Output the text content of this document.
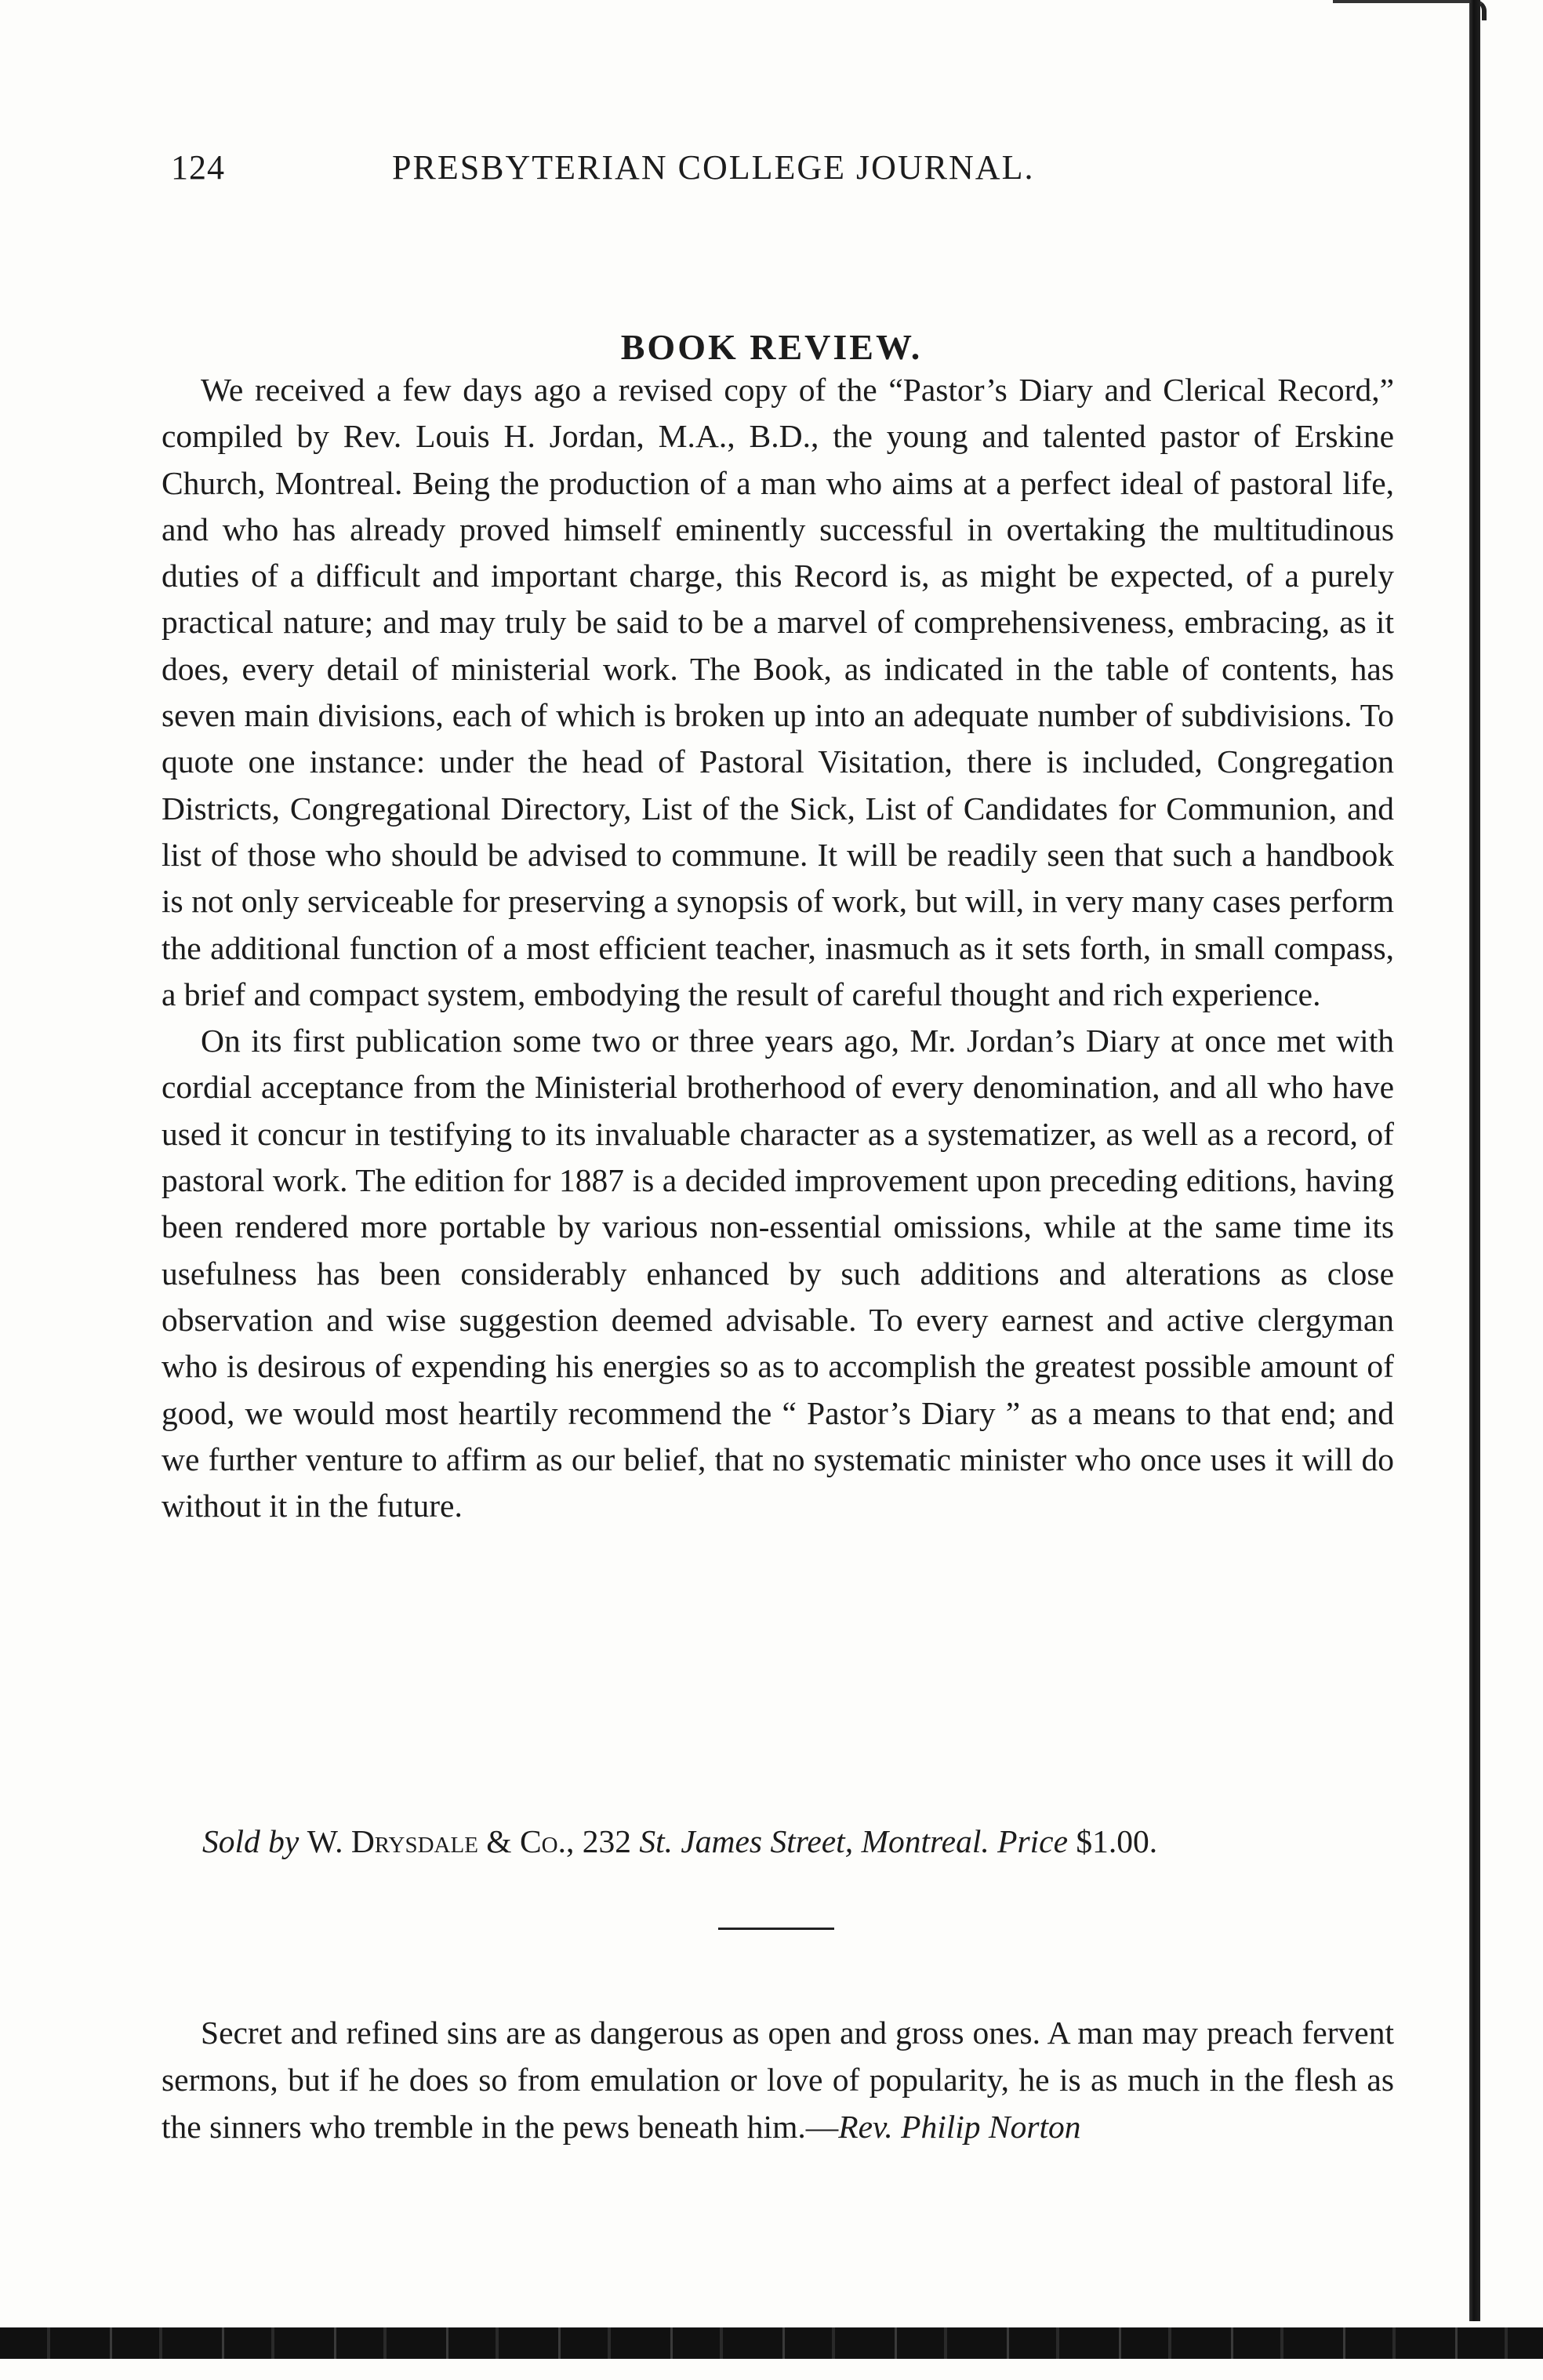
124	PRESBYTERIAN COLLEGE JOURNAL.
BOOK REVIEW.

We received a few days ago a revised copy of the “Pastor’s Diary and Clerical Record,” compiled by Rev. Louis H. Jordan, M.A., B.D., the young and talented pastor of Erskine Church, Montreal. Being the production of a man who aims at a perfect ideal of pastoral life, and who has already proved himself eminently successful in overtaking the multitudinous duties of a difficult and important charge, this Record is, as might be expected, of a purely practical nature; and may truly be said to be a marvel of comprehensiveness, embracing, as it does, every detail of ministerial work. The Book, as indicated in the table of contents, has seven main divisions, each of which is broken up into an adequate number of subdivisions. To quote one instance: under the head of Pastoral Visitation, there is included, Congregation Districts, Congregational Directory, List of the Sick, List of Candidates for Communion, and list of those who should be advised to commune. It will be readily seen that such a handbook is not only serviceable for preserving a synopsis of work, but will, in very many cases perform the additional function of a most efficient teacher, inasmuch as it sets forth, in small compass, a brief and compact system, embodying the result of careful thought and rich experience.

On its first publication some two or three years ago, Mr. Jordan’s Diary at once met with cordial acceptance from the Ministerial brotherhood of every denomination, and all who have used it concur in testifying to its invaluable character as a systematizer, as well as a record, of pastoral work. The edition for 1887 is a decided improvement upon preceding editions, having been rendered more portable by various non-essential omissions, while at the same time its usefulness has been considerably enhanced by such additions and alterations as close observation and wise suggestion deemed advisable. To every earnest and active clergyman who is desirous of expending his energies so as to accomplish the greatest possible amount of good, we would most heartily recommend the “ Pastor’s Diary ” as a means to that end; and we further venture to affirm as our belief, that no systematic minister who once uses it will do without it in the future.

Sold by W. Drysdale & Co., 232 St. James Street, Montreal. Price $1.00.

Secret and refined sins are as dangerous as open and gross ones. A man may preach fervent sermons, but if he does so from emulation or love of popularity, he is as much in the flesh as the sinners who tremble in the pews beneath him.—Rev. Philip Norton
